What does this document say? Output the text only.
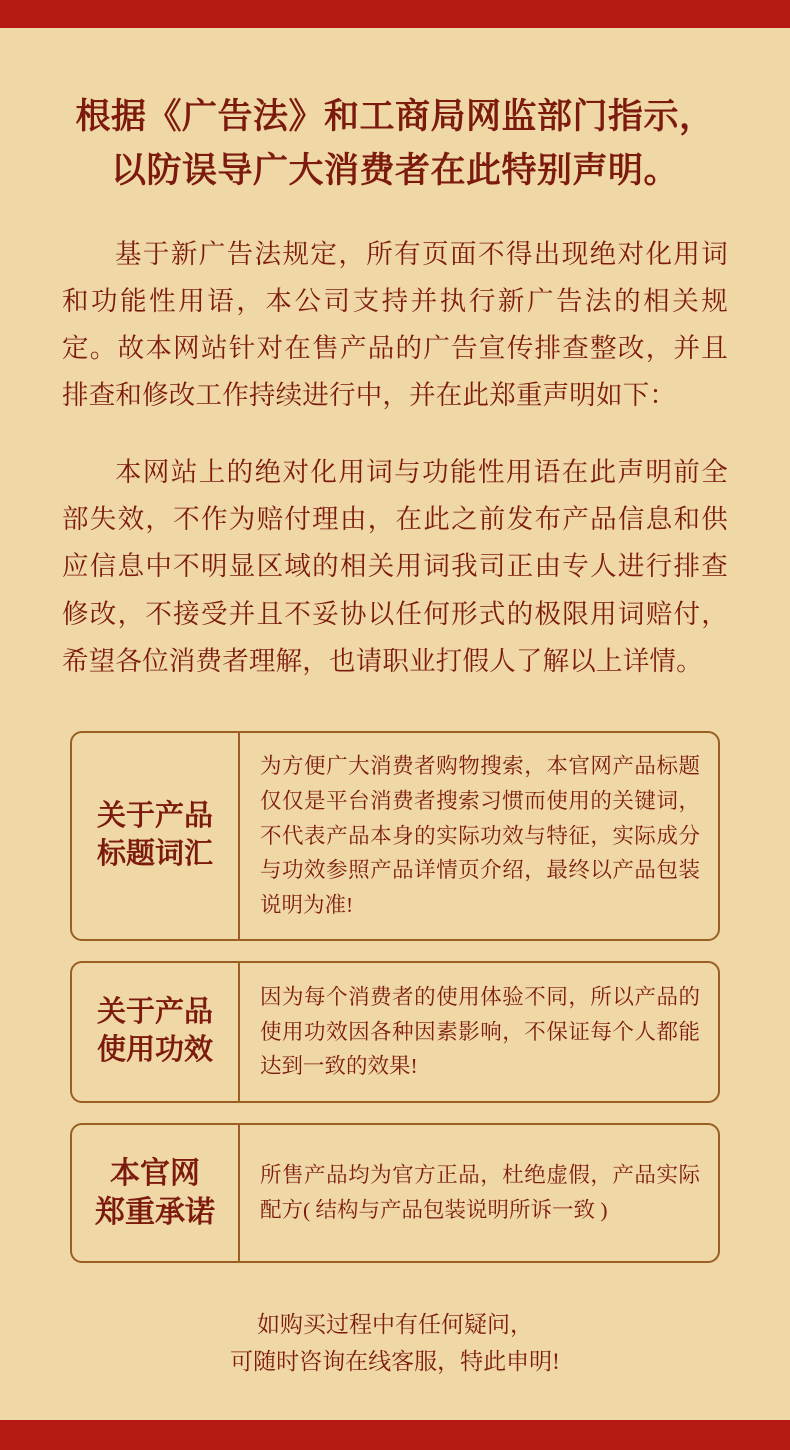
根据《广告法》和工商局网监部门指示，
以防误导广大消费者在此特别声明。

基于新广告法规定，所有页面不得出现绝对化用词和功能性用语，本公司支持并执行新广告法的相关规定。故本网站针对在售产品的广告宣传排查整改，并且排查和修改工作持续进行中，并在此郑重声明如下：

本网站上的绝对化用词与功能性用语在此声明前全部失效，不作为赔付理由，在此之前发布产品信息和供应信息中不明显区域的相关用词我司正由专人进行排查修改，不接受并且不妥协以任何形式的极限用词赔付，希望各位消费者理解，也请职业打假人了解以上详情。

关于产品
标题词汇
为方便广大消费者购物搜索，本官网产品标题仅仅是平台消费者搜索习惯而使用的关键词，不代表产品本身的实际功效与特征，实际成分与功效参照产品详情页介绍，最终以产品包装说明为准!
关于产品
使用功效
因为每个消费者的使用体验不同，所以产品的使用功效因各种因素影响，不保证每个人都能达到一致的效果!
本官网
郑重承诺
所售产品均为官方正品，杜绝虚假，产品实际配方( 结构与产品包装说明所诉一致 )
如购买过程中有任何疑问，
可随时咨询在线客服，特此申明!
